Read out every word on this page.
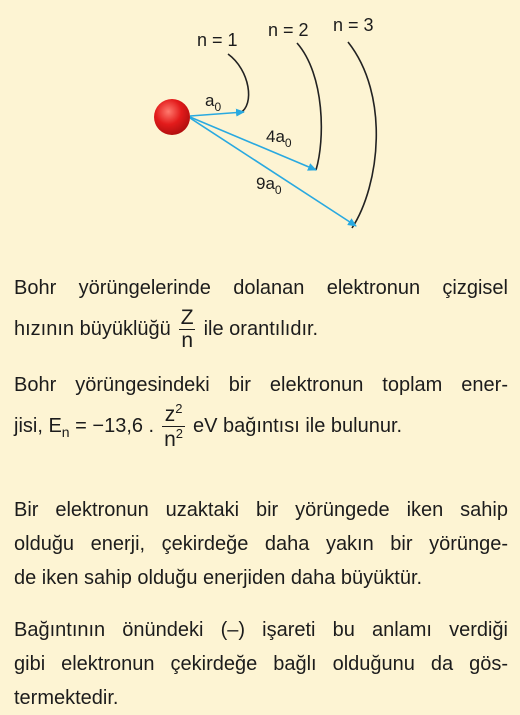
n = 1 n = 2 n = 3
$a_0$
$4a_0$
$9a_0$
Bohr yörüngelerinde dolanan elektronun çizgisel
hızının büyüklüğü $\frac{Z}{n}$ ile orantılıdır.
Bohr yörüngesindeki bir elektronun toplam ener-
jisi, $E_n = -13,6$ . $\frac{z^2}{n^2}$ eV bağıntısı ile bulunur.
Bir elektronun uzaktaki bir yörüngede iken sahip
olduğu enerji, çekirdeğe daha yakın bir yörünge-
de iken sahip olduğu enerjiden daha büyüktür.
Bağıntının önündeki (–) işareti bu anlamı verdiği
gibi elektronun çekirdeğe bağlı olduğunu da gös-
termektedir.
